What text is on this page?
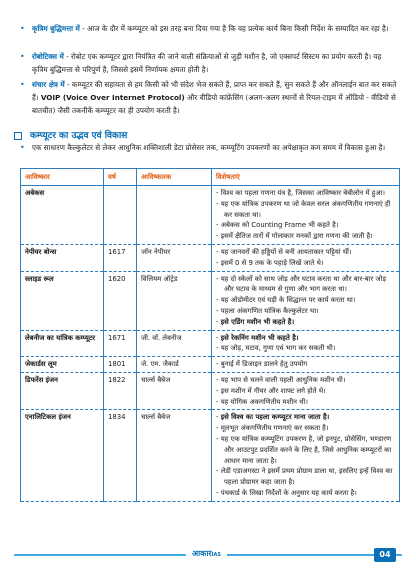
• कृत्रिम बुद्धिमत्ता में - आज के दौर में कम्प्यूटर को इस तरह बना दिया गया है कि वह प्रत्येक कार्य बिना किसी निर्देश के सम्पादित कर रहा है।
• रोबोटिक्स में - रोबोट एक कम्प्यूटर द्वारा नियंत्रित की जाने वाली संक्रियाओं से जुड़ी मशीन है, जो एक्सपर्ट सिस्टम का प्रयोग करती है। यह कृत्रिम बुद्धिमत्ता से परिपूर्ण है, जिससे इसमें निर्णायक क्षमता होती है।
• संचार क्षेत्र में - कम्प्यूटर की सहायता से हम किसी को भी संदेश भेज सकते हैं, प्राप्त कर सकते हैं, सुन सकते हैं और ऑनलाईन बात कर सकते हैं। VOIP (Voice Over Internet Protocol) और वीडियो कांफ्रेंसिंग (अलग-अलग स्थानों से रियल-टाइम में ऑडियो - वीडियो से बातचीत) जैसी तकनीकें कम्प्यूटर का ही उपयोग करती है।
कम्प्यूटर का उद्भव एवं विकास
• एक साधारण कैल्कुलेटर से लेकर आधुनिक शक्तिशाली डेटा प्रोसेसर तक, कम्प्यूटिंग उपकरणों का अपेक्षाकृत कम समय में विकास हुआ है।
आविष्कार	वर्ष	आविष्कारक	विशेषताएं
अबेकस			- विश्व का पहला गणना यंत्र है, जिसका आविष्कार बेबीलोन में हुआ।
- यह एक यांत्रिक उपकरण था जो केवल सरल अंकगणितीय गणनाएं ही कर सकता था।
- अबेकस को Counting Frame भी कहते है।
- इसमें क्षैतिज तारों में गोलाकार मनकों द्वारा गणना की जाती है।

नेपीयर बोन्स	1617	जॉन नेपीयर	- यह जानवरों की हड्डियों से बनी आयताकार पट्टियां थीं।
- इसमें 0 से 9 तक के पहाड़े लिखें जाते थे।

स्लाइड रूल	1620	विलियम ऑट्रेड	- यह दो स्केलों को साथ जोड़ और घटाव करता था और बार-बार जोड़ और घटाव के माध्यम से गुणा और भाग करता था।
- यह ओडोमीटर एवं घड़ी के सिद्धान्त पर कार्य करता था।
- पहला अंकगणित यांत्रिक कैल्कुलेटर था।
- इसे एडिंग मशीन भी कहते है।

लेबनीज का यांत्रिक कम्प्यूटर	1671	जी. वाॅ. लेबनीज	- इसे रेकनिंग मशीन भी कहते है।
- यह जोड़, घटाव, गुणा एवं भाग कर सकती थी।

जेकार्डस लूम	1801	जे. एम. जैकार्ड	- बुनाई में डिजाइन डालने हेतु उपयोग

डिफरेंस इंजन	1822	चार्ल्स बैबेज	- यह भाप से चलने वाली पहली आधुनिक मशीन थी।
- इस मशीन में गीयर और शाफ्ट लगे होते थे।
- यह योगिक अकगणितीय मशीन थी।

एनालिटिकल इंजन	1834	चार्ल्स बैबेज	- इसे विश्व का पहला कम्प्यूटर माना जाता है।
- मूलभूत अंकगणितीय गणनाएं कर सकता है।
- यह एक यांत्रिक कम्प्यूटिंग उपकरण है, जो इनपुट, प्रोसेसिंग, भण्डारण और आउटपुट प्रदर्शित करने के लिए है, जिसे आधुनिक कम्प्यूटरों का आधार माना जाता है।
- लेडी एडाअगस्टा ने इसमें प्रथम प्रोग्राम डाला था, इसलिए इन्हें विश्व का पहला प्रोग्रामर कहा जाता है।
- पंचकार्ड के लिखा निर्देशों के अनुसार यह कार्य करता है।
आकारIAS	04
